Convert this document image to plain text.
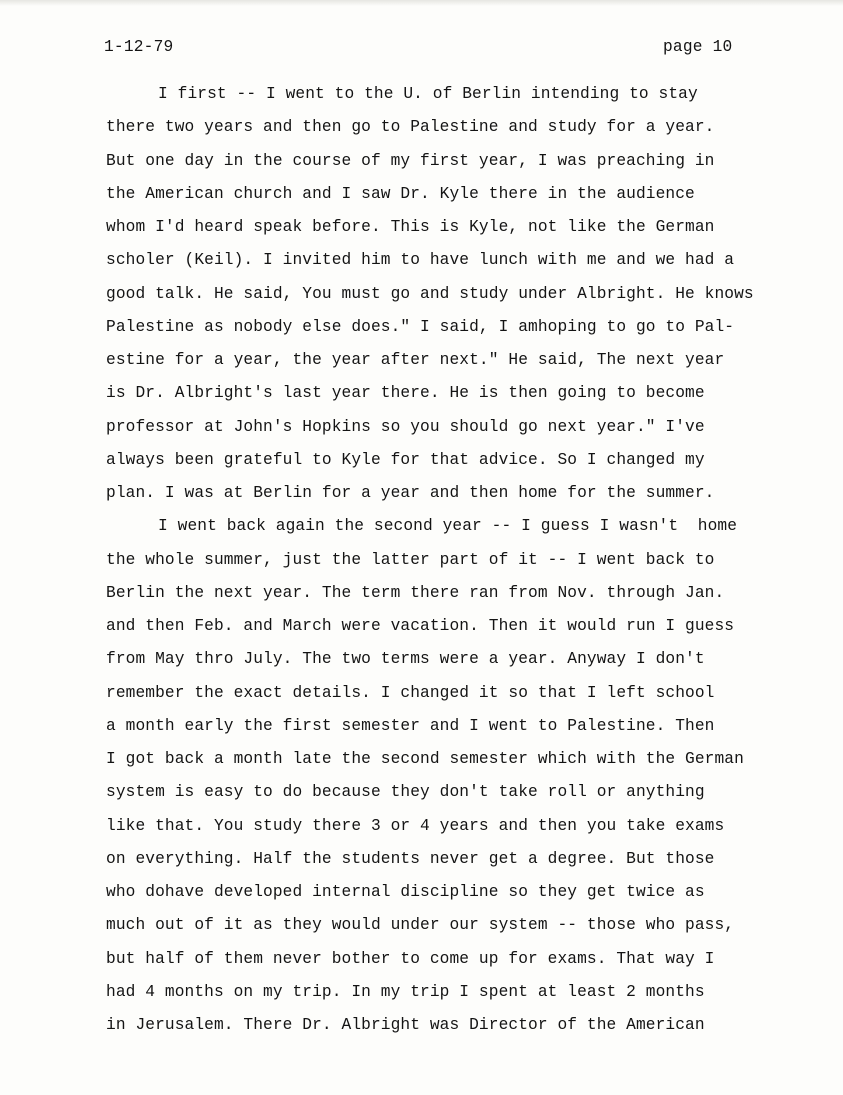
1-12-79	page 10
I first -- I went to the U. of Berlin intending to stay
there two years and then go to Palestine and study for a year.
But one day in the course of my first year, I was preaching in
the American church and I saw Dr. Kyle there in the audience
whom I'd heard speak before. This is Kyle, not like the German
scholer (Keil). I invited him to have lunch with me and we had a
good talk. He said, You must go and study under Albright. He knows
Palestine as nobody else does." I said, I amhoping to go to Pal-
estine for a year, the year after next." He said, The next year
is Dr. Albright's last year there. He is then going to become
professor at John's Hopkins so you should go next year." I've
always been grateful to Kyle for that advice. So I changed my
plan. I was at Berlin for a year and then home for the summer.
I went back again the second year -- I guess I wasn't  home
the whole summer, just the latter part of it -- I went back to
Berlin the next year. The term there ran from Nov. through Jan.
and then Feb. and March were vacation. Then it would run I guess
from May thro July. The two terms were a year. Anyway I don't
remember the exact details. I changed it so that I left school
a month early the first semester and I went to Palestine. Then
I got back a month late the second semester which with the German
system is easy to do because they don't take roll or anything
like that. You study there 3 or 4 years and then you take exams
on everything. Half the students never get a degree. But those
who dohave developed internal discipline so they get twice as
much out of it as they would under our system -- those who pass,
but half of them never bother to come up for exams. That way I
had 4 months on my trip. In my trip I spent at least 2 months
in Jerusalem. There Dr. Albright was Director of the American
